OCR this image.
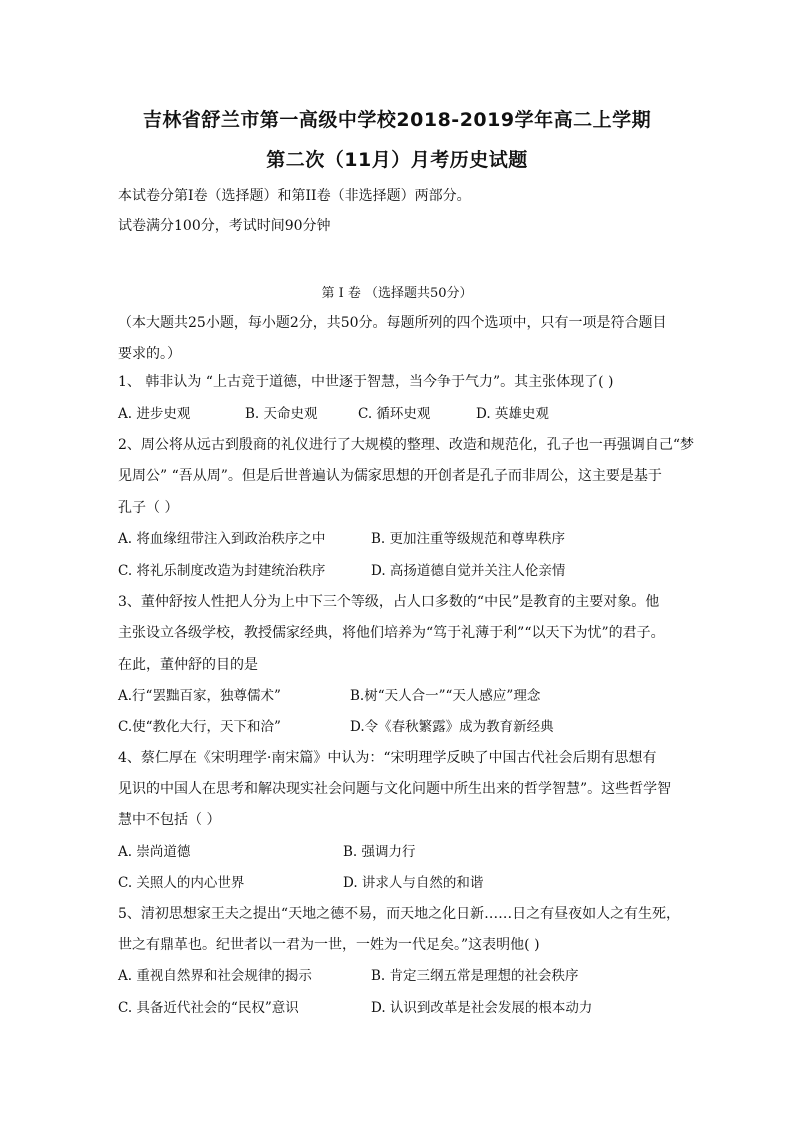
吉林省舒兰市第一高级中学校2018-2019学年高二上学期
第二次（11月）月考历史试题
本试卷分第I卷（选择题）和第II卷（非选择题）两部分。
试卷满分100分，考试时间90分钟
第 I 卷 （选择题共50分）
（本大题共25小题，每小题2分，共50分。每题所列的四个选项中，只有一项是符合题目
要求的。）
1、 韩非认为 “上古竞于道德，中世逐于智慧，当今争于气力”。其主张体现了( )
A. 进步史观	B. 天命史观	C. 循环史观	D. 英雄史观
2、周公将从远古到殷商的礼仪进行了大规模的整理、改造和规范化，孔子也一再强调自己“梦
见周公” “吾从周”。但是后世普遍认为儒家思想的开创者是孔子而非周公，这主要是基于
孔子（ ）
A. 将血缘纽带注入到政治秩序之中	B. 更加注重等级规范和尊卑秩序
C. 将礼乐制度改造为封建统治秩序	D. 高扬道德自觉并关注人伦亲情
3、董仲舒按人性把人分为上中下三个等级，占人口多数的“中民”是教育的主要对象。他
主张设立各级学校，教授儒家经典，将他们培养为“笃于礼薄于利”“以天下为忧”的君子。
在此，董仲舒的目的是
A.行“罢黜百家，独尊儒术”	B.树“天人合一”“天人感应”理念
C.使“教化大行，天下和洽”	D.令《春秋繁露》成为教育新经典
4、蔡仁厚在《宋明理学·南宋篇》中认为：“宋明理学反映了中国古代社会后期有思想有
见识的中国人在思考和解决现实社会问题与文化问题中所生出来的哲学智慧”。这些哲学智
慧中不包括（ ）
A. 崇尚道德	B. 强调力行
C. 关照人的内心世界	D. 讲求人与自然的和谐
5、清初思想家王夫之提出“天地之德不易，而天地之化日新……日之有昼夜如人之有生死，
世之有鼎革也。纪世者以一君为一世，一姓为一代足矣。”这表明他( )
A. 重视自然界和社会规律的揭示	B. 肯定三纲五常是理想的社会秩序
C. 具备近代社会的“民权”意识	D. 认识到改革是社会发展的根本动力
